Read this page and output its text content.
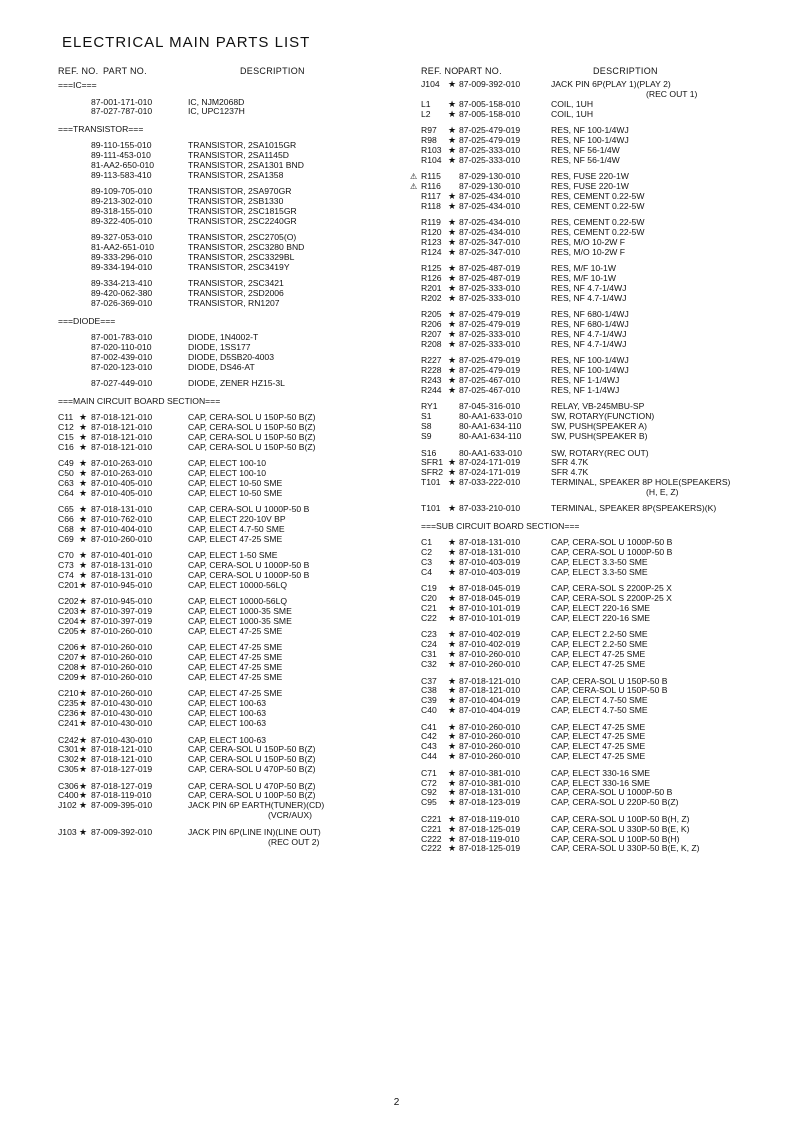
ELECTRICAL MAIN PARTS LIST
REF. NO. PART NO.	DESCRIPTION
===IC===
87-001-171-010	IC, NJM2068D
87-027-787-010	IC, UPC1237H
===TRANSISTOR===
89-110-155-010	TRANSISTOR, 2SA1015GR
89-111-453-010	TRANSISTOR, 2SA1145D
81-AA2-650-010	TRANSISTOR, 2SA1301 BND
89-113-583-410	TRANSISTOR, 2SA1358
89-109-705-010	TRANSISTOR, 2SA970GR
89-213-302-010	TRANSISTOR, 2SB1330
89-318-155-010	TRANSISTOR, 2SC1815GR
89-322-405-010	TRANSISTOR, 2SC2240GR
89-327-053-010	TRANSISTOR, 2SC2705(O)
81-AA2-651-010	TRANSISTOR, 2SC3280 BND
89-333-296-010	TRANSISTOR, 2SC3329BL
89-334-194-010	TRANSISTOR, 2SC3419Y
89-334-213-410	TRANSISTOR, 2SC3421
89-420-062-380	TRANSISTOR, 2SD2006
87-026-369-010	TRANSISTOR, RN1207
===DIODE===
87-001-783-010	DIODE, 1N4002-T
87-020-110-010	DIODE, 1SS177
87-002-439-010	DIODE, D5SB20-4003
87-020-123-010	DIODE, DS46-AT
87-027-449-010	DIODE, ZENER HZ15-3L
===MAIN CIRCUIT BOARD SECTION===
C11 ★ 87-018-121-010	CAP, CERA-SOL U 150P-50 B(Z)
C12 ★ 87-018-121-010	CAP, CERA-SOL U 150P-50 B(Z)
C15 ★ 87-018-121-010	CAP, CERA-SOL U 150P-50 B(Z)
C16 ★ 87-018-121-010	CAP, CERA-SOL U 150P-50 B(Z)
C49 ★ 87-010-263-010	CAP, ELECT 100-10
C50 ★ 87-010-263-010	CAP, ELECT 100-10
C63 ★ 87-010-405-010	CAP, ELECT 10-50 SME
C64 ★ 87-010-405-010	CAP, ELECT 10-50 SME
C65 ★ 87-018-131-010	CAP, CERA-SOL U 1000P-50 B
C66 ★ 87-010-762-010	CAP, ELECT 220-10V BP
C68 ★ 87-010-404-010	CAP, ELECT 4.7-50 SME
C69 ★ 87-010-260-010	CAP, ELECT 47-25 SME
C70 ★ 87-010-401-010	CAP, ELECT 1-50 SME
C73 ★ 87-018-131-010	CAP, CERA-SOL U 1000P-50 B
C74 ★ 87-018-131-010	CAP, CERA-SOL U 1000P-50 B
C201 ★ 87-010-945-010	CAP, ELECT 10000-56LQ
C202 ★ 87-010-945-010	CAP, ELECT 10000-56LQ
C203 ★ 87-010-397-019	CAP, ELECT 1000-35 SME
C204 ★ 87-010-397-019	CAP, ELECT 1000-35 SME
C205 ★ 87-010-260-010	CAP, ELECT 47-25 SME
C206 ★ 87-010-260-010	CAP, ELECT 47-25 SME
C207 ★ 87-010-260-010	CAP, ELECT 47-25 SME
C208 ★ 87-010-260-010	CAP, ELECT 47-25 SME
C209 ★ 87-010-260-010	CAP, ELECT 47-25 SME
C210 ★ 87-010-260-010	CAP, ELECT 47-25 SME
C235 ★ 87-010-430-010	CAP, ELECT 100-63
C236 ★ 87-010-430-010	CAP, ELECT 100-63
C241 ★ 87-010-430-010	CAP, ELECT 100-63
C242 ★ 87-010-430-010	CAP, ELECT 100-63
C301 ★ 87-018-121-010	CAP, CERA-SOL U 150P-50 B(Z)
C302 ★ 87-018-121-010	CAP, CERA-SOL U 150P-50 B(Z)
C305 ★ 87-018-127-019	CAP, CERA-SOL U 470P-50 B(Z)
C306 ★ 87-018-127-019	CAP, CERA-SOL U 470P-50 B(Z)
C400 ★ 87-018-119-010	CAP, CERA-SOL U 100P-50 B(Z)
J102 ★ 87-009-395-010	JACK PIN 6P EARTH(TUNER)(CD)
(VCR/AUX)
J103 ★ 87-009-392-010	JACK PIN 6P(LINE IN)(LINE OUT)
(REC OUT 2)
REF. NO.
PART NO.	DESCRIPTION
J104 ★ 87-009-392-010	JACK PIN 6P(PLAY 1)(PLAY 2)
(REC OUT 1)
L1 ★ 87-005-158-010	COIL, 1UH
L2 ★ 87-005-158-010	COIL, 1UH
R97 ★ 87-025-479-019	RES, NF 100-1/4WJ
R98 ★ 87-025-479-019	RES, NF 100-1/4WJ
R103 ★ 87-025-333-010	RES, NF 56-1/4W
R104 ★ 87-025-333-010	RES, NF 56-1/4W
⚠ R115 87-029-130-010	RES, FUSE 220-1W
⚠ R116 87-029-130-010	RES, FUSE 220-1W
R117 ★ 87-025-434-010	RES, CEMENT 0.22-5W
R118 ★ 87-025-434-010	RES, CEMENT 0.22-5W
R119 ★ 87-025-434-010	RES, CEMENT 0.22-5W
R120 ★ 87-025-434-010	RES, CEMENT 0.22-5W
R123 ★ 87-025-347-010	RES, M/O 10-2W F
R124 ★ 87-025-347-010	RES, M/O 10-2W F
R125 ★ 87-025-487-019	RES, M/F 10-1W
R126 ★ 87-025-487-019	RES, M/F 10-1W
R201 ★ 87-025-333-010	RES, NF 4.7-1/4WJ
R202 ★ 87-025-333-010	RES, NF 4.7-1/4WJ
R205 ★ 87-025-479-019	RES, NF 680-1/4WJ
R206 ★ 87-025-479-019	RES, NF 680-1/4WJ
R207 ★ 87-025-333-010	RES, NF 4.7-1/4WJ
R208 ★ 87-025-333-010	RES, NF 4.7-1/4WJ
R227 ★ 87-025-479-019	RES, NF 100-1/4WJ
R228 ★ 87-025-479-019	RES, NF 100-1/4WJ
R243 ★ 87-025-467-010	RES, NF 1-1/4WJ
R244 ★ 87-025-467-010	RES, NF 1-1/4WJ
RY1 87-045-316-010	RELAY, VB-245MBU-SP
S1	80-AA1-633-010	SW, ROTARY(FUNCTION)
S8	80-AA1-634-110	SW, PUSH(SPEAKER A)
S9	80-AA1-634-110	SW, PUSH(SPEAKER B)
S16	80-AA1-633-010	SW, ROTARY(REC OUT)
SFR1 ★ 87-024-171-019	SFR 4.7K
SFR2 ★ 87-024-171-019	SFR 4.7K
T101 ★ 87-033-222-010	TERMINAL, SPEAKER 8P HOLE(SPEAKERS)
(H, E, Z)
T101 ★ 87-033-210-010	TERMINAL, SPEAKER 8P(SPEAKERS)(K)
===SUB CIRCUIT BOARD SECTION===
C1 ★ 87-018-131-010	CAP, CERA-SOL U 1000P-50 B
C2 ★ 87-018-131-010	CAP, CERA-SOL U 1000P-50 B
C3 ★ 87-010-403-019	CAP, ELECT 3.3-50 SME
C4 ★ 87-010-403-019	CAP, ELECT 3.3-50 SME
C19 ★ 87-018-045-019	CAP, CERA-SOL S 2200P-25 X
C20 ★ 87-018-045-019	CAP, CERA-SOL S 2200P-25 X
C21 ★ 87-010-101-019	CAP, ELECT 220-16 SME
C22 ★ 87-010-101-019	CAP, ELECT 220-16 SME
C23 ★ 87-010-402-019	CAP, ELECT 2.2-50 SME
C24 ★ 87-010-402-019	CAP, ELECT 2.2-50 SME
C31 ★ 87-010-260-010	CAP, ELECT 47-25 SME
C32 ★ 87-010-260-010	CAP, ELECT 47-25 SME
C37 ★ 87-018-121-010	CAP, CERA-SOL U 150P-50 B
C38 ★ 87-018-121-010	CAP, CERA-SOL U 150P-50 B
C39 ★ 87-010-404-019	CAP, ELECT 4.7-50 SME
C40 ★ 87-010-404-019	CAP, ELECT 4.7-50 SME
C41 ★ 87-010-260-010	CAP, ELECT 47-25 SME
C42 ★ 87-010-260-010	CAP, ELECT 47-25 SME
C43 ★ 87-010-260-010	CAP, ELECT 47-25 SME
C44 ★ 87-010-260-010	CAP, ELECT 47-25 SME
C71 ★ 87-010-381-010	CAP, ELECT 330-16 SME
C72 ★ 87-010-381-010	CAP, ELECT 330-16 SME
C92 ★ 87-018-131-010	CAP, CERA-SOL U 1000P-50 B
C95 ★ 87-018-123-019	CAP, CERA-SOL U 220P-50 B(Z)
C221 ★ 87-018-119-010	CAP, CERA-SOL U 100P-50 B(H, Z)
C221 ★ 87-018-125-019	CAP, CERA-SOL U 330P-50 B(E, K)
C222 ★ 87-018-119-010	CAP, CERA-SOL U 100P-50 B(H)
C222 ★ 87-018-125-019	CAP, CERA-SOL U 330P-50 B(E, K, Z)
2
